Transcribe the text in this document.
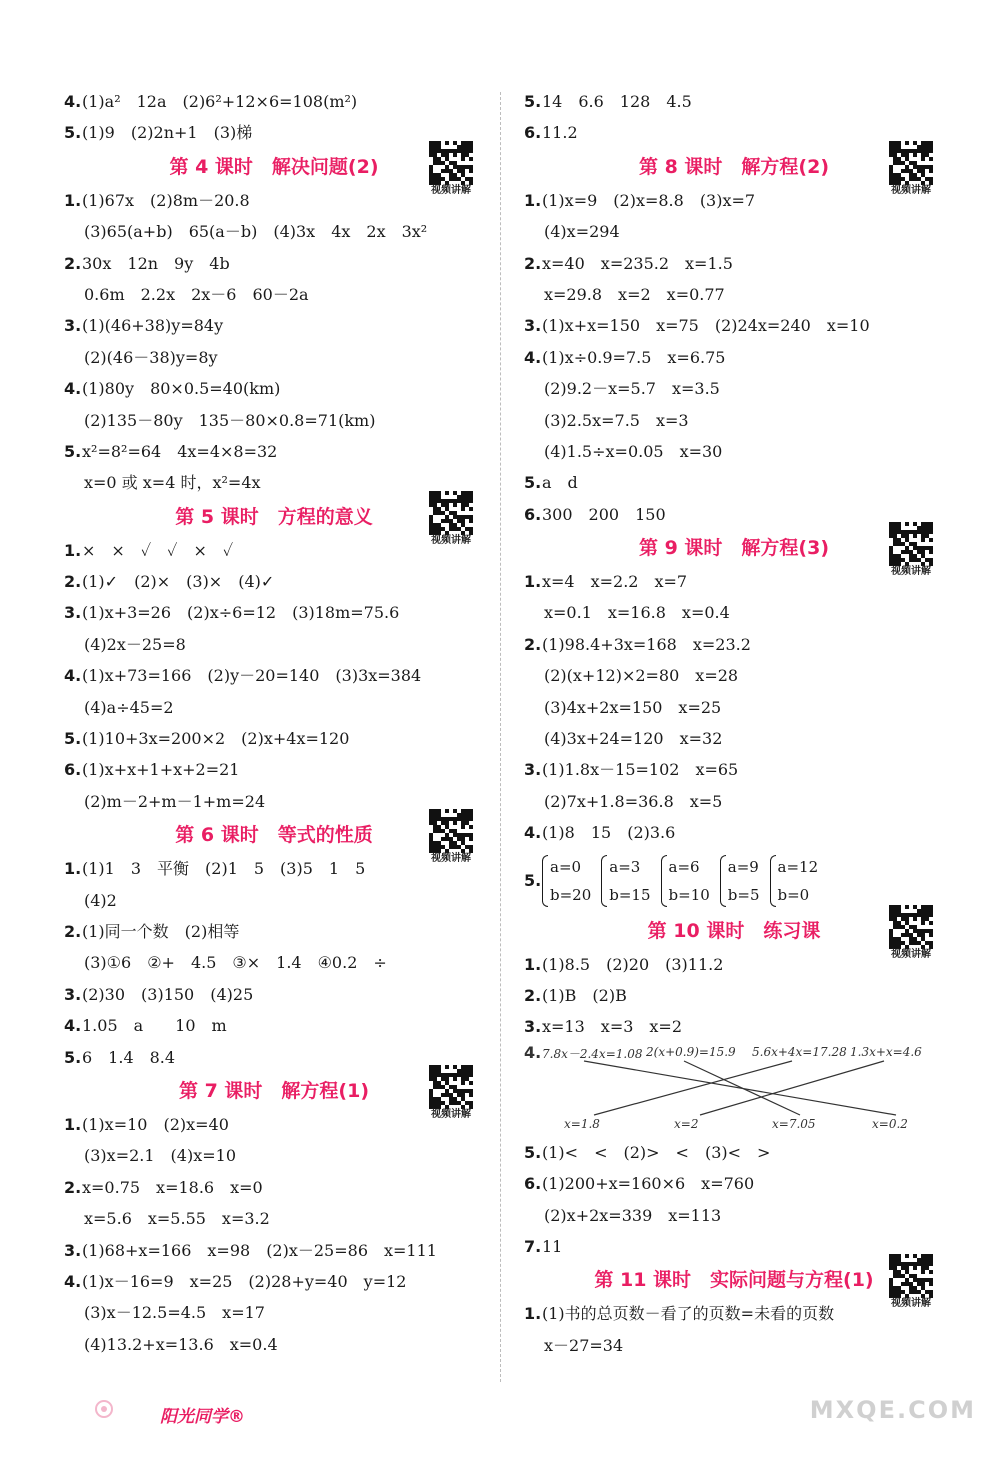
4.(1)a²　12a　(2)6²+12×6=108(m²)
5.(1)9　(2)2n+1　(3)梯
第 4 课时　解决问题(2)
视频讲解
1.(1)67x　(2)8m－20.8
(3)65(a+b)　65(a－b)　(4)3x　4x　2x　3x²
2.30x　12n　9y　4b
0.6m　2.2x　2x－6　60－2a
3.(1)(46+38)y=84y
(2)(46－38)y=8y
4.(1)80y　80×0.5=40(km)
(2)135－80y　135－80×0.8=71(km)
5.x²=8²=64　4x=4×8=32
x=0 或 x=4 时，x²=4x
第 5 课时　方程的意义
视频讲解
1.×　×　✓　✓　×　✓
2.(1)✓　(2)×　(3)×　(4)✓
3.(1)x+3=26　(2)x÷6=12　(3)18m=75.6
(4)2x－25=8
4.(1)x+73=166　(2)y－20=140　(3)3x=384
(4)a÷45=2
5.(1)10+3x=200×2　(2)x+4x=120
6.(1)x+x+1+x+2=21
(2)m－2+m－1+m=24
第 6 课时　等式的性质
视频讲解
1.(1)1　3　平衡　(2)1　5　(3)5　1　5
(4)2
2.(1)同一个数　(2)相等
(3)①6　②+　4.5　③×　1.4　④0.2　÷
3.(2)30　(3)150　(4)25
4.1.05　a　　10　m
5.6　1.4　8.4
第 7 课时　解方程(1)
视频讲解
1.(1)x=10　(2)x=40
(3)x=2.1　(4)x=10
2.x=0.75　x=18.6　x=0
x=5.6　x=5.55　x=3.2
3.(1)68+x=166　x=98　(2)x－25=86　x=111
4.(1)x－16=9　x=25　(2)28+y=40　y=12
(3)x－12.5=4.5　x=17
(4)13.2+x=13.6　x=0.4
5.14　6.6　128　4.5
6.11.2
第 8 课时　解方程(2)
视频讲解
1.(1)x=9　(2)x=8.8　(3)x=7
(4)x=294
2.x=40　x=235.2　x=1.5
x=29.8　x=2　x=0.77
3.(1)x+x=150　x=75　(2)24x=240　x=10
4.(1)x÷0.9=7.5　x=6.75
(2)9.2－x=5.7　x=3.5
(3)2.5x=7.5　x=3
(4)1.5÷x=0.05　x=30
5.a　d
6.300　200　150
第 9 课时　解方程(3)
视频讲解
1.x=4　x=2.2　x=7
x=0.1　x=16.8　x=0.4
2.(1)98.4+3x=168　x=23.2
(2)(x+12)×2=80　x=28
(3)4x+2x=150　x=25
(4)3x+24=120　x=32
3.(1)1.8x－15=102　x=65
(2)7x+1.8=36.8　x=5
4.(1)8　15　(2)3.6
5.
a=0
b=20
a=3
b=15
a=6
b=10
a=9
b=5
a=12
b=0
第 10 课时　练习课
视频讲解
1.(1)8.5　(2)20　(3)11.2
2.(1)B　(2)B
3.x=13　x=3　x=2
4. 7.8x－2.4x=1.08 2(x+0.9)=15.9 5.6x+4x=17.28 1.3x+x=4.6
x=1.8	x=2	x=7.05	x=0.2
5.(1)<　<　(2)>　<　(3)<　>
6.(1)200+x=160×6　x=760
(2)x+2x=339　x=113
7.11
第 11 课时　实际问题与方程(1)
视频讲解
1.(1)书的总页数－看了的页数=未看的页数
x－27=34
阳光同学®	MXQE.COM
